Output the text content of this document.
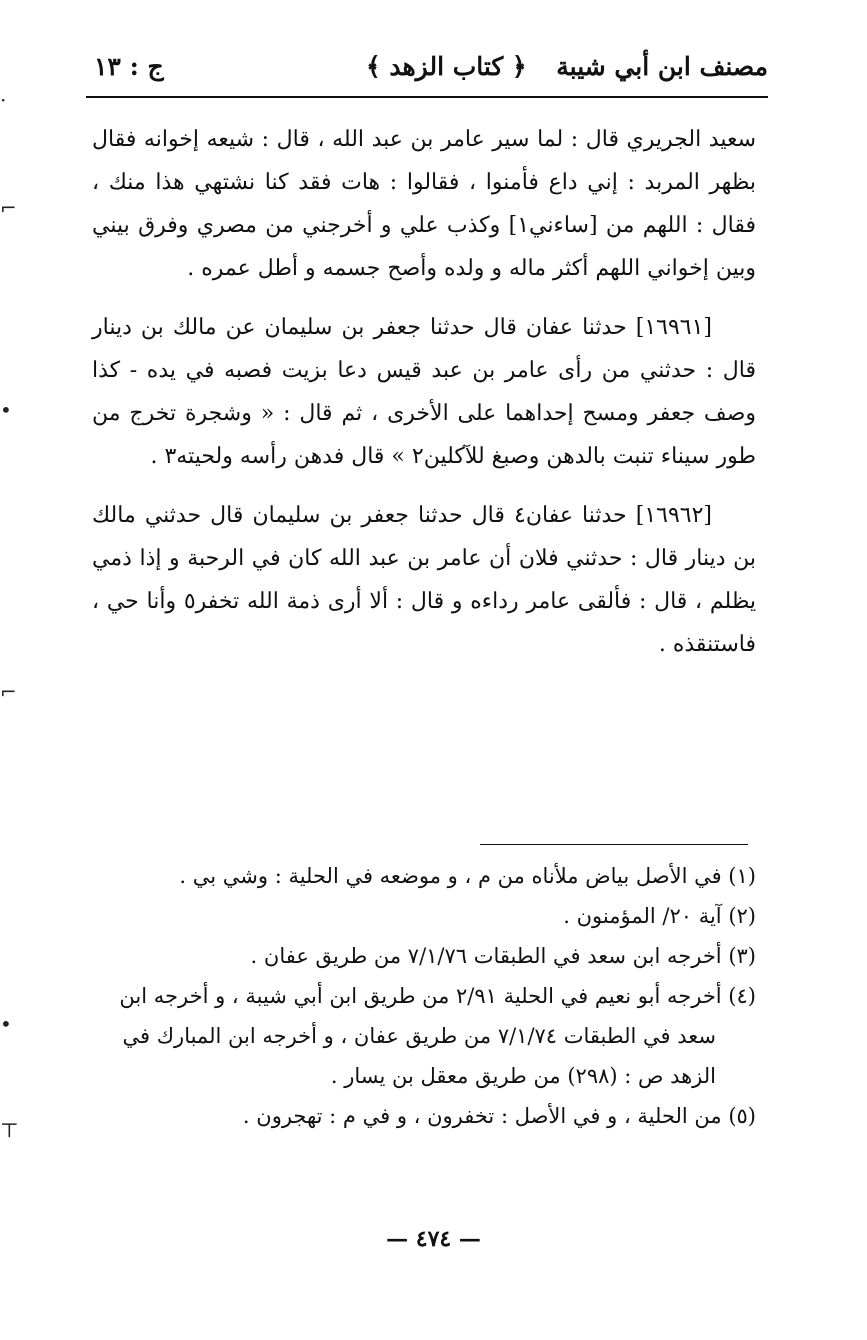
مصنف ابن أبي شيبة
﴿ كتاب الزهد ﴾
ج : ١٣

سعيد الجريري قال : لما سير عامر بن عبد الله ، قال : شيعه إخوانه فقال بظهر المربد : إني داع فأمنوا ، فقالوا : هات فقد كنا نشتهي هذا منك ، فقال : اللهم من [ساءني١] وكذب علي و أخرجني من مصري وفرق بيني وبين إخواني اللهم أكثر ماله و ولده وأصح جسمه و أطل عمره .

[١٦٩٦١] حدثنا عفان قال حدثنا جعفر بن سليمان عن مالك بن دينار قال : حدثني من رأى عامر بن عبد قيس دعا بزيت فصبه في يده - كذا وصف جعفر ومسح إحداهما على الأخرى ، ثم قال : « وشجرة تخرج من طور سيناء تنبت بالدهن وصبغ للآكلين٢ » قال فدهن رأسه ولحيته٣ .

[١٦٩٦٢] حدثنا عفان٤ قال حدثنا جعفر بن سليمان قال حدثني مالك بن دينار قال : حدثني فلان أن عامر بن عبد الله كان في الرحبة و إذا ذمي يظلم ، قال : فألقى عامر رداءه و قال : ألا أرى ذمة الله تخفر٥ وأنا حي ، فاستنقذه .

(١) في الأصل بياض ملأناه من م ، و موضعه في الحلية : وشي بي .

(٢) آية ٢٠/ المؤمنون .

(٣) أخرجه ابن سعد في الطبقات ٧/١/٧٦ من طريق عفان .

(٤) أخرجه أبو نعيم في الحلية ٢/٩١ من طريق ابن أبي شيبة ، و أخرجه ابن سعد في الطبقات ٧/١/٧٤ من طريق عفان ، و أخرجه ابن المبارك في الزهد ص : (٢٩٨) من طريق معقل بن يسار .

(٥) من الحلية ، و في الأصل : تخفرون ، و في م : تهجرون .

— ٤٧٤ —
·
⌐
•
⌐
•
⊤
